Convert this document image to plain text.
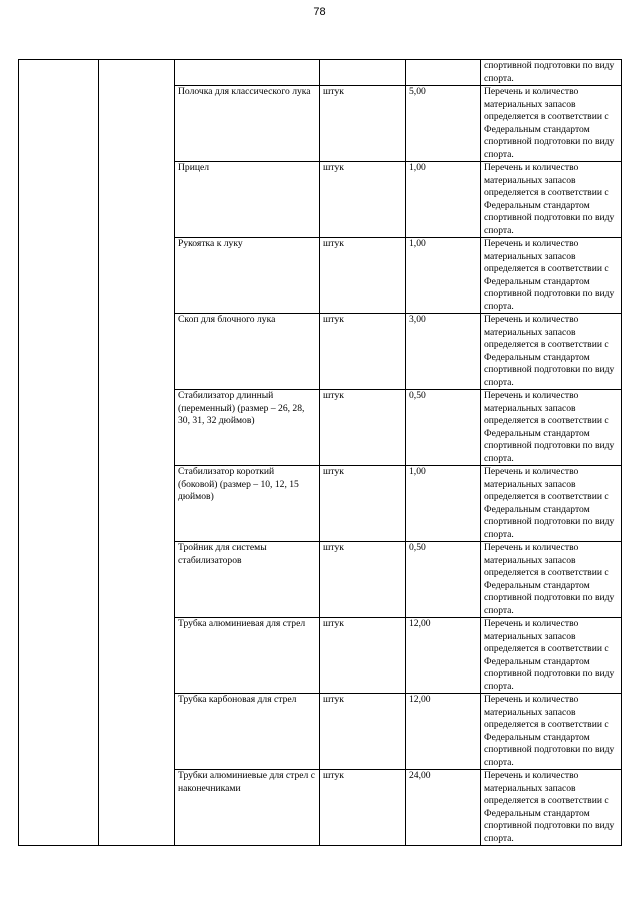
78
					спортивной подготовки по виду спорта.
		Полочка для классического лука	штук	5,00	Перечень и количество материальных запасов определяется в соответствии с Федеральным стандартом спортивной подготовки по виду спорта.
		Прицел	штук	1,00	Перечень и количество материальных запасов определяется в соответствии с Федеральным стандартом спортивной подготовки по виду спорта.
		Рукоятка к луку	штук	1,00	Перечень и количество материальных запасов определяется в соответствии с Федеральным стандартом спортивной подготовки по виду спорта.
		Скоп для блочного лука	штук	3,00	Перечень и количество материальных запасов определяется в соответствии с Федеральным стандартом спортивной подготовки по виду спорта.
		Стабилизатор длинный (переменный) (размер – 26, 28, 30, 31, 32 дюймов)	штук	0,50	Перечень и количество материальных запасов определяется в соответствии с Федеральным стандартом спортивной подготовки по виду спорта.
		Стабилизатор короткий (боковой) (размер – 10, 12, 15 дюймов)	штук	1,00	Перечень и количество материальных запасов определяется в соответствии с Федеральным стандартом спортивной подготовки по виду спорта.
		Тройник для системы стабилизаторов	штук	0,50	Перечень и количество материальных запасов определяется в соответствии с Федеральным стандартом спортивной подготовки по виду спорта.
		Трубка алюминиевая для стрел	штук	12,00	Перечень и количество материальных запасов определяется в соответствии с Федеральным стандартом спортивной подготовки по виду спорта.
		Трубка карбоновая для стрел	штук	12,00	Перечень и количество материальных запасов определяется в соответствии с Федеральным стандартом спортивной подготовки по виду спорта.
		Трубки алюминиевые для стрел с наконечниками	штук	24,00	Перечень и количество материальных запасов определяется в соответствии с Федеральным стандартом спортивной подготовки по виду спорта.
